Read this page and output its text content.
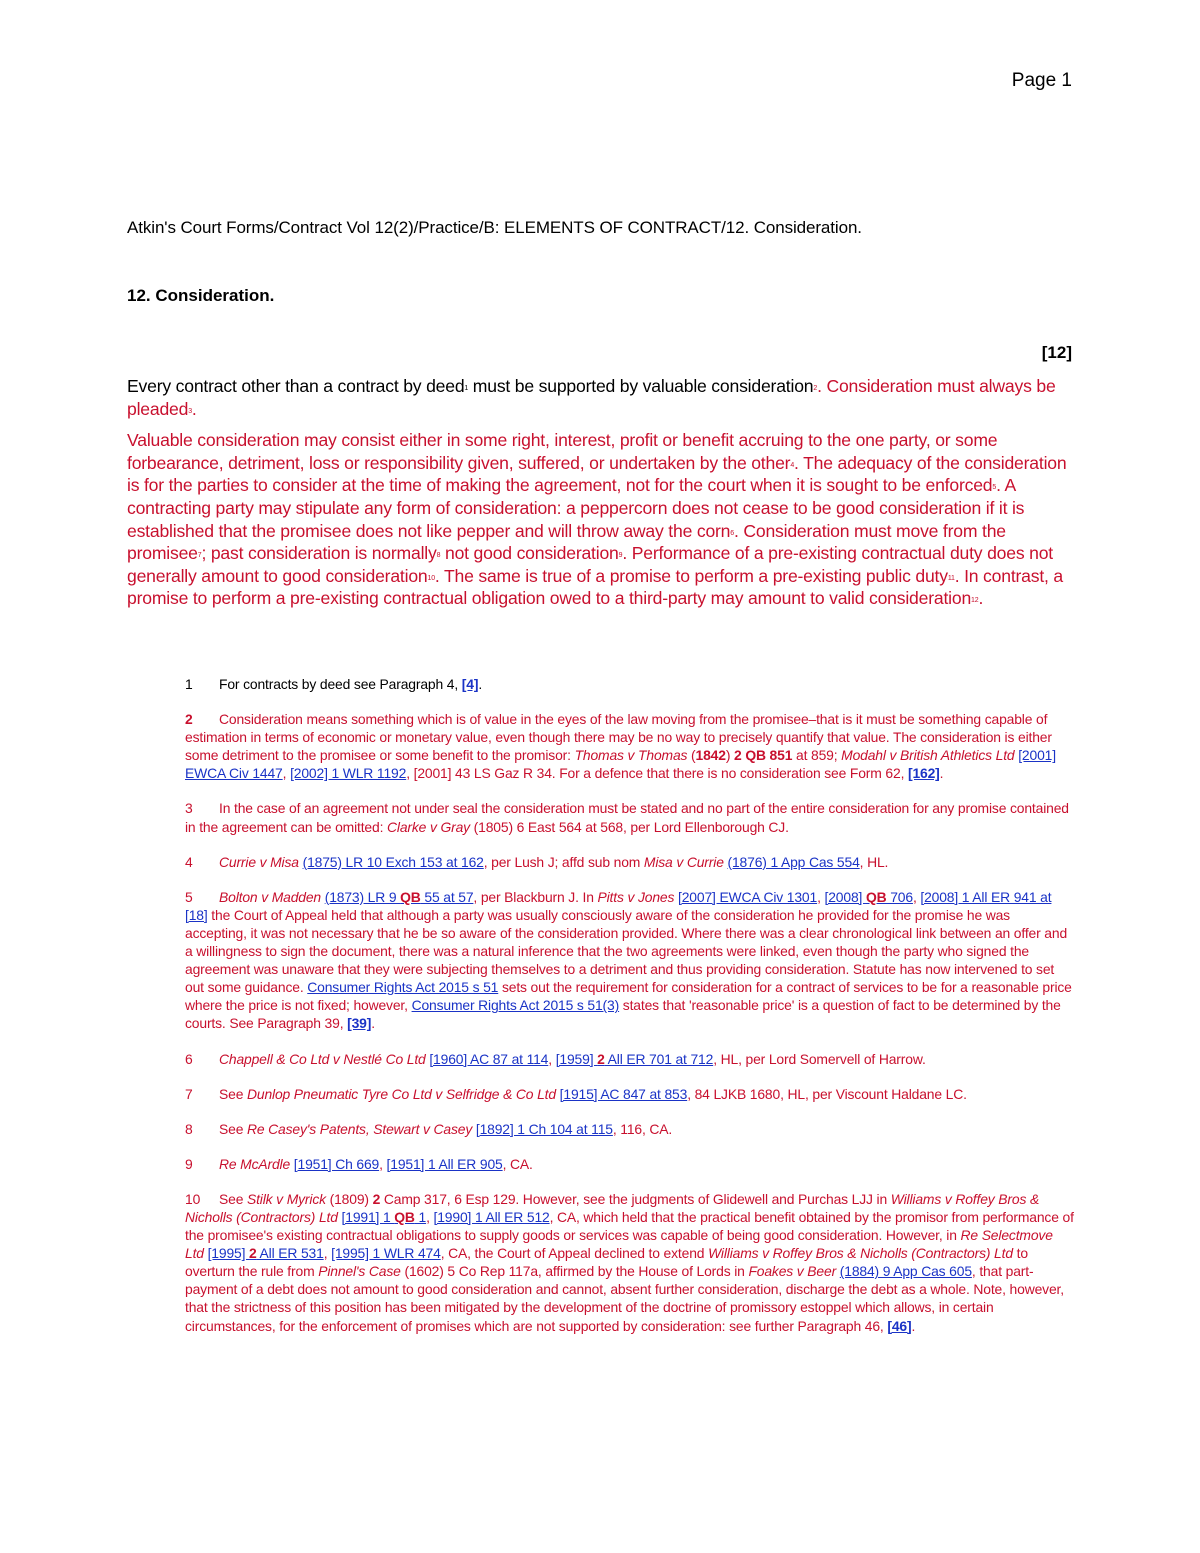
Page 1
Atkin's Court Forms/Contract Vol 12(2)/Practice/B: ELEMENTS OF CONTRACT/12. Consideration.
12. Consideration.
[12]

Every contract other than a contract by deed$^1$ must be supported by valuable consideration$^2$. Consideration must always be pleaded$^3$.

Valuable consideration may consist either in some right, interest, profit or benefit accruing to the one party, or some forbearance, detriment, loss or responsibility given, suffered, or undertaken by the other$^4$. The adequacy of the consideration is for the parties to consider at the time of making the agreement, not for the court when it is sought to be enforced$^5$. A contracting party may stipulate any form of consideration: a peppercorn does not cease to be good consideration if it is established that the promisee does not like pepper and will throw away the corn$^6$. Consideration must move from the promisee$^7$; past consideration is normally$^8$ not good consideration$^9$. Performance of a pre-existing contractual duty does not generally amount to good consideration$^{10}$. The same is true of a promise to perform a pre-existing public duty$^{11}$. In contrast, a promise to perform a pre-existing contractual obligation owed to a third-party may amount to valid consideration$^{12}$.

1 For contracts by deed see Paragraph 4, [4].
2 Consideration means something which is of value in the eyes of the law moving from the promisee–that is it must be something capable of estimation in terms of economic or monetary value, even though there may be no way to precisely quantify that value. The consideration is either some detriment to the promisee or some benefit to the promisor: Thomas v Thomas (1842) 2 QB 851 at 859; Modahl v British Athletics Ltd [2001] EWCA Civ 1447, [2002] 1 WLR 1192, [2001] 43 LS Gaz R 34. For a defence that there is no consideration see Form 62, [162].
3 In the case of an agreement not under seal the consideration must be stated and no part of the entire consideration for any promise contained in the agreement can be omitted: Clarke v Gray (1805) 6 East 564 at 568, per Lord Ellenborough CJ.
4 Currie v Misa (1875) LR 10 Exch 153 at 162, per Lush J; affd sub nom Misa v Currie (1876) 1 App Cas 554, HL.
5 Bolton v Madden (1873) LR 9 QB 55 at 57, per Blackburn J. In Pitts v Jones [2007] EWCA Civ 1301, [2008] QB 706, [2008] 1 All ER 941 at [18] the Court of Appeal held that although a party was usually consciously aware of the consideration he provided for the promise he was accepting, it was not necessary that he be so aware of the consideration provided. Where there was a clear chronological link between an offer and a willingness to sign the document, there was a natural inference that the two agreements were linked, even though the party who signed the agreement was unaware that they were subjecting themselves to a detriment and thus providing consideration. Statute has now intervened to set out some guidance. Consumer Rights Act 2015 s 51 sets out the requirement for consideration for a contract of services to be for a reasonable price where the price is not fixed; however, Consumer Rights Act 2015 s 51(3) states that 'reasonable price' is a question of fact to be determined by the courts. See Paragraph 39, [39].
6 Chappell & Co Ltd v Nestlé Co Ltd [1960] AC 87 at 114, [1959] 2 All ER 701 at 712, HL, per Lord Somervell of Harrow.
7 See Dunlop Pneumatic Tyre Co Ltd v Selfridge & Co Ltd [1915] AC 847 at 853, 84 LJKB 1680, HL, per Viscount Haldane LC.
8 See Re Casey's Patents, Stewart v Casey [1892] 1 Ch 104 at 115, 116, CA.
9 Re McArdle [1951] Ch 669, [1951] 1 All ER 905, CA.
10 See Stilk v Myrick (1809) 2 Camp 317, 6 Esp 129. However, see the judgments of Glidewell and Purchas LJJ in Williams v Roffey Bros & Nicholls (Contractors) Ltd [1991] 1 QB 1, [1990] 1 All ER 512, CA, which held that the practical benefit obtained by the promisor from performance of the promisee's existing contractual obligations to supply goods or services was capable of being good consideration. However, in Re Selectmove Ltd [1995] 2 All ER 531, [1995] 1 WLR 474, CA, the Court of Appeal declined to extend Williams v Roffey Bros & Nicholls (Contractors) Ltd to overturn the rule from Pinnel's Case (1602) 5 Co Rep 117a, affirmed by the House of Lords in Foakes v Beer (1884) 9 App Cas 605, that part-payment of a debt does not amount to good consideration and cannot, absent further consideration, discharge the debt as a whole. Note, however, that the strictness of this position has been mitigated by the development of the doctrine of promissory estoppel which allows, in certain circumstances, for the enforcement of promises which are not supported by consideration: see further Paragraph 46, [46].
